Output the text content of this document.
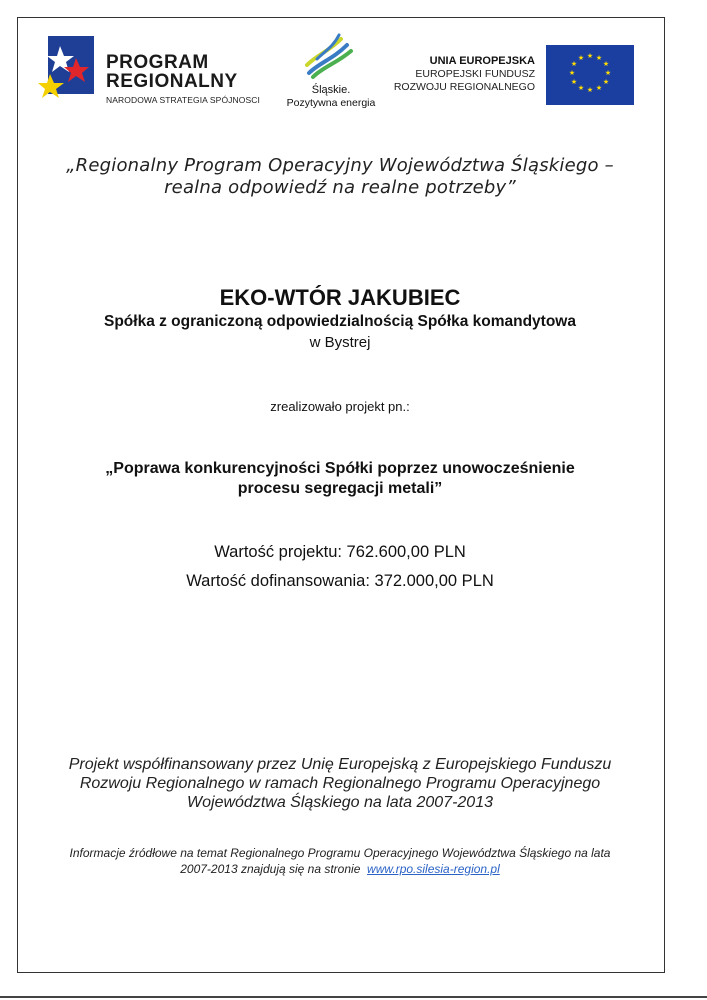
PROGRAM
REGIONALNY
NARODOWA STRATEGIA SPÓJNOSCI
Śląskie.
Pozytywna energia
UNIA EUROPEJSKA
EUROPEJSKI FUNDUSZ
ROZWOJU REGIONALNEGO
★ ★
★
★
★
★
★
★
★
★
★
★
„Regionalny Program Operacyjny Województwa Śląskiego –
realna odpowiedź na realne potrzeby”
EKO-WTÓR JAKUBIEC
Spółka z ograniczoną odpowiedzialnością Spółka komandytowa
w Bystrej
zrealizowało projekt pn.:
„Poprawa konkurencyjności Spółki poprzez unowocześnienie
procesu segregacji metali”
Wartość projektu: 762.600,00 PLN
Wartość dofinansowania: 372.000,00 PLN
Projekt współfinansowany przez Unię Europejską z Europejskiego Funduszu
Rozwoju Regionalnego w ramach Regionalnego Programu Operacyjnego
Województwa Śląskiego na lata 2007-2013
Informacje źródłowe na temat Regionalnego Programu Operacyjnego Województwa Śląskiego na lata
2007-2013 znajdują się na stronie  www.rpo.silesia-region.pl
